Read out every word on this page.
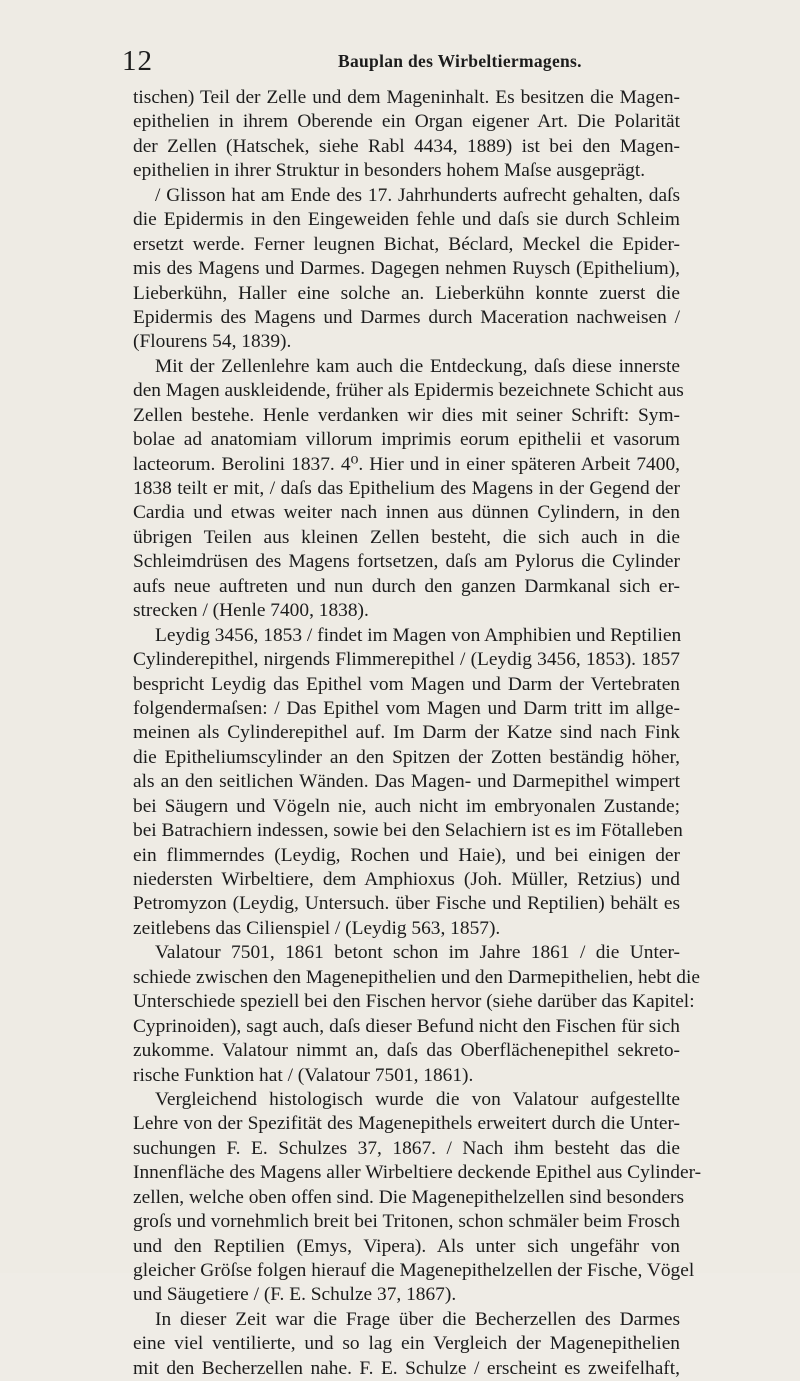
12	Bauplan des Wirbeltiermagens.
tischen) Teil der Zelle und dem Mageninhalt. Es besitzen die Magen-
epithelien in ihrem Oberende ein Organ eigener Art. Die Polarität
der Zellen (Hatschek, siehe Rabl 4434, 1889) ist bei den Magen-
epithelien in ihrer Struktur in besonders hohem Maſse ausgeprägt.
/ Glisson hat am Ende des 17. Jahrhunderts aufrecht gehalten, daſs
die Epidermis in den Eingeweiden fehle und daſs sie durch Schleim
ersetzt werde. Ferner leugnen Bichat, Béclard, Meckel die Epider-
mis des Magens und Darmes. Dagegen nehmen Ruysch (Epithelium),
Lieberkühn, Haller eine solche an. Lieberkühn konnte zuerst die
Epidermis des Magens und Darmes durch Maceration nachweisen /
(Flourens 54, 1839).
Mit der Zellenlehre kam auch die Entdeckung, daſs diese innerste
den Magen auskleidende, früher als Epidermis bezeichnete Schicht aus
Zellen bestehe. Henle verdanken wir dies mit seiner Schrift: Sym-
bolae ad anatomiam villorum imprimis eorum epithelii et vasorum
lacteorum. Berolini 1837. 4⁰. Hier und in einer späteren Arbeit 7400,
1838 teilt er mit, / daſs das Epithelium des Magens in der Gegend der
Cardia und etwas weiter nach innen aus dünnen Cylindern, in den
übrigen Teilen aus kleinen Zellen besteht, die sich auch in die
Schleimdrüsen des Magens fortsetzen, daſs am Pylorus die Cylinder
aufs neue auftreten und nun durch den ganzen Darmkanal sich er-
strecken / (Henle 7400, 1838).
Leydig 3456, 1853 / findet im Magen von Amphibien und Reptilien
Cylinderepithel, nirgends Flimmerepithel / (Leydig 3456, 1853). 1857
bespricht Leydig das Epithel vom Magen und Darm der Vertebraten
folgendermaſsen: / Das Epithel vom Magen und Darm tritt im allge-
meinen als Cylinderepithel auf. Im Darm der Katze sind nach Fink
die Epitheliumscylinder an den Spitzen der Zotten beständig höher,
als an den seitlichen Wänden. Das Magen- und Darmepithel wimpert
bei Säugern und Vögeln nie, auch nicht im embryonalen Zustande;
bei Batrachiern indessen, sowie bei den Selachiern ist es im Fötalleben
ein flimmerndes (Leydig, Rochen und Haie), und bei einigen der
niedersten Wirbeltiere, dem Amphioxus (Joh. Müller, Retzius) und
Petromyzon (Leydig, Untersuch. über Fische und Reptilien) behält es
zeitlebens das Cilienspiel / (Leydig 563, 1857).
Valatour 7501, 1861 betont schon im Jahre 1861 / die Unter-
schiede zwischen den Magenepithelien und den Darmepithelien, hebt die
Unterschiede speziell bei den Fischen hervor (siehe darüber das Kapitel:
Cyprinoiden), sagt auch, daſs dieser Befund nicht den Fischen für sich
zukomme. Valatour nimmt an, daſs das Oberflächenepithel sekreto-
rische Funktion hat / (Valatour 7501, 1861).
Vergleichend histologisch wurde die von Valatour aufgestellte
Lehre von der Spezifität des Magenepithels erweitert durch die Unter-
suchungen F. E. Schulzes 37, 1867. / Nach ihm besteht das die
Innenfläche des Magens aller Wirbeltiere deckende Epithel aus Cylinder-
zellen, welche oben offen sind. Die Magenepithelzellen sind besonders
groſs und vornehmlich breit bei Tritonen, schon schmäler beim Frosch
und den Reptilien (Emys, Vipera). Als unter sich ungefähr von
gleicher Gröſse folgen hierauf die Magenepithelzellen der Fische, Vögel
und Säugetiere / (F. E. Schulze 37, 1867).
In dieser Zeit war die Frage über die Becherzellen des Darmes
eine viel ventilierte, und so lag ein Vergleich der Magenepithelien
mit den Becherzellen nahe. F. E. Schulze / erscheint es zweifelhaft,
